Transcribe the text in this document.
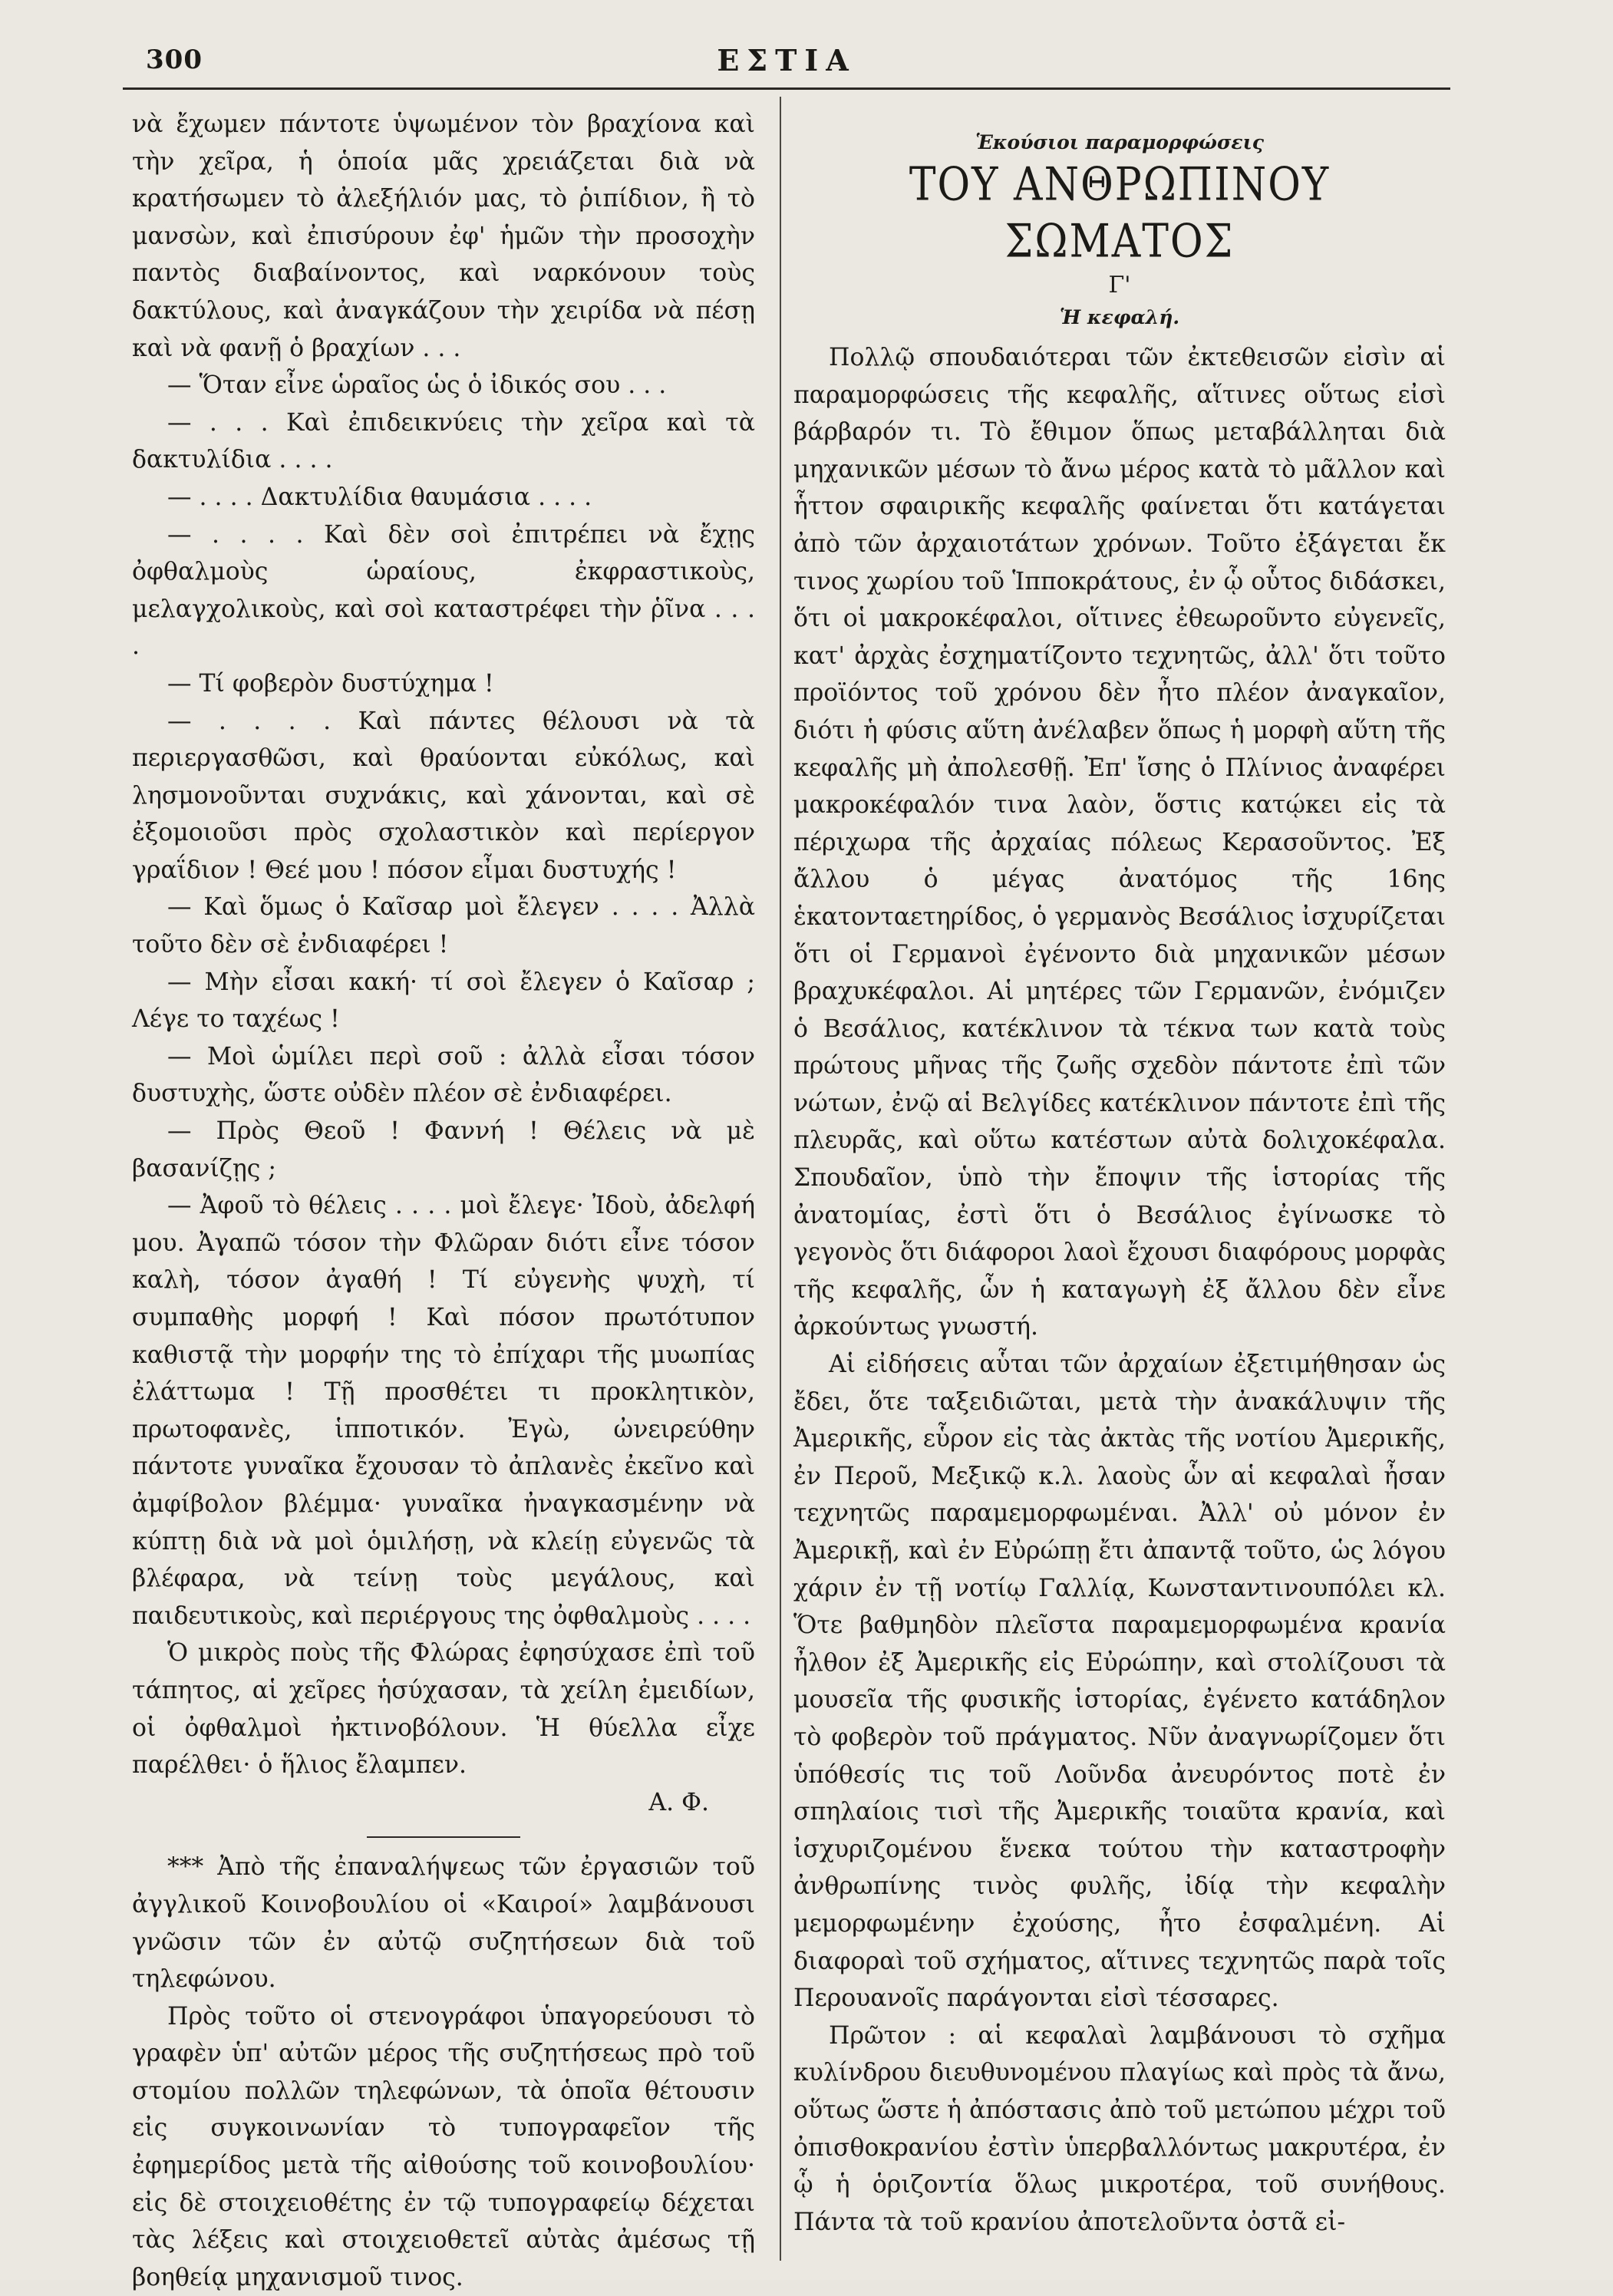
300	ΕΣΤΙΑ

νὰ ἔχωμεν πάντοτε ὑψωμένον τὸν βραχίονα καὶ τὴν χεῖρα, ἡ ὁποία μᾶς χρειάζεται διὰ νὰ κρατήσωμεν τὸ ἀλεξήλιόν μας, τὸ ῥιπίδιον, ἢ τὸ μανσὼν, καὶ ἐπισύρουν ἐφ' ἡμῶν τὴν προσοχὴν παντὸς διαβαίνοντος, καὶ ναρκόνουν τοὺς δακτύλους, καὶ ἀναγκάζουν τὴν χειρίδα νὰ πέσῃ καὶ νὰ φανῇ ὁ βραχίων . . .

— Ὅταν εἶνε ὡραῖος ὡς ὁ ἰδικός σου . . .

— . . . Καὶ ἐπιδεικνύεις τὴν χεῖρα καὶ τὰ δακτυλίδια . . . .

— . . . . Δακτυλίδια θαυμάσια . . . .

— . . . . Καὶ δὲν σοὶ ἐπιτρέπει νὰ ἔχῃς ὀφθαλμοὺς ὡραίους, ἐκφραστικοὺς, μελαγχολικοὺς, καὶ σοὶ καταστρέφει τὴν ῥῖνα . . . .

— Τί φοβερὸν δυστύχημα !

— . . . . Καὶ πάντες θέλουσι νὰ τὰ περιεργασθῶσι, καὶ θραύονται εὐκόλως, καὶ λησμονοῦνται συχνάκις, καὶ χάνονται, καὶ σὲ ἐξομοιοῦσι πρὸς σχολαστικὸν καὶ περίεργον γραΐδιον ! Θεέ μου ! πόσον εἶμαι δυστυχής !

— Καὶ ὅμως ὁ Καῖσαρ μοὶ ἔλεγεν . . . . Ἀλλὰ τοῦτο δὲν σὲ ἐνδιαφέρει !

— Μὴν εἶσαι κακή· τί σοὶ ἔλεγεν ὁ Καῖσαρ ; Λέγε το ταχέως !

— Μοὶ ὡμίλει περὶ σοῦ : ἀλλὰ εἶσαι τόσον δυστυχὴς, ὥστε οὐδὲν πλέον σὲ ἐνδιαφέρει.

— Πρὸς Θεοῦ ! Φαννή ! Θέλεις νὰ μὲ βασανίζῃς ;

— Ἀφοῦ τὸ θέλεις . . . . μοὶ ἔλεγε· Ἰδοὺ, ἀδελφή μου. Ἀγαπῶ τόσον τὴν Φλῶραν διότι εἶνε τόσον καλὴ, τόσον ἀγαθή ! Τί εὐγενὴς ψυχὴ, τί συμπαθὴς μορφή ! Καὶ πόσον πρωτότυπον καθιστᾷ τὴν μορφήν της τὸ ἐπίχαρι τῆς μυωπίας ἐλάττωμα ! Τῇ προσθέτει τι προκλητικὸν, πρωτοφανὲς, ἱπποτικόν. Ἐγὼ, ὠνειρεύθην πάντοτε γυναῖκα ἔχουσαν τὸ ἀπλανὲς ἐκεῖνο καὶ ἀμφίβολον βλέμμα· γυναῖκα ἠναγκασμένην νὰ κύπτῃ διὰ νὰ μοὶ ὁμιλήσῃ, νὰ κλείῃ εὐγενῶς τὰ βλέφαρα, νὰ τείνῃ τοὺς μεγάλους, καὶ παιδευτικοὺς, καὶ περιέργους της ὀφθαλμοὺς . . . .

Ὁ μικρὸς ποὺς τῆς Φλώρας ἐφησύχασε ἐπὶ τοῦ τάπητος, αἱ χεῖρες ἡσύχασαν, τὰ χείλη ἐμειδίων, οἱ ὀφθαλμοὶ ἠκτινοβόλουν. Ἡ θύελλα εἶχε παρέλθει· ὁ ἥλιος ἔλαμπεν.

Α. Φ.

*** Ἀπὸ τῆς ἐπαναλήψεως τῶν ἐργασιῶν τοῦ ἀγγλικοῦ Κοινοβουλίου οἱ «Καιροί» λαμβάνουσι γνῶσιν τῶν ἐν αὐτῷ συζητήσεων διὰ τοῦ τηλεφώνου.

Πρὸς τοῦτο οἱ στενογράφοι ὑπαγορεύουσι τὸ γραφὲν ὑπ' αὐτῶν μέρος τῆς συζητήσεως πρὸ τοῦ στομίου πολλῶν τηλεφώνων, τὰ ὁποῖα θέτουσιν εἰς συγκοινωνίαν τὸ τυπογραφεῖον τῆς ἐφημερίδος μετὰ τῆς αἰθούσης τοῦ κοινοβουλίου· εἰς δὲ στοιχειοθέτης ἐν τῷ τυπογραφείῳ δέχεται τὰς λέξεις καὶ στοιχειοθετεῖ αὐτὰς ἀμέσως τῇ βοηθείᾳ μηχανισμοῦ τινος.

Ἑκούσιοι παραμορφώσεις
ΤΟΥ ΑΝΘΡΩΠΙΝΟΥ ΣΩΜΑΤΟΣ
Γ'
Ἡ κεφαλή.

Πολλῷ σπουδαιότεραι τῶν ἐκτεθεισῶν εἰσὶν αἱ παραμορφώσεις τῆς κεφαλῆς, αἵτινες οὕτως εἰσὶ βάρβαρόν τι. Τὸ ἔθιμον ὅπως μεταβάλληται διὰ μηχανικῶν μέσων τὸ ἄνω μέρος κατὰ τὸ μᾶλλον καὶ ἧττον σφαιρικῆς κεφαλῆς φαίνεται ὅτι κατάγεται ἀπὸ τῶν ἀρχαιοτάτων χρόνων. Τοῦτο ἐξάγεται ἔκ τινος χωρίου τοῦ Ἱπποκράτους, ἐν ᾧ οὗτος διδάσκει, ὅτι οἱ μακροκέφαλοι, οἵτινες ἐθεωροῦντο εὐγενεῖς, κατ' ἀρχὰς ἐσχηματίζοντο τεχνητῶς, ἀλλ' ὅτι τοῦτο προϊόντος τοῦ χρόνου δὲν ἦτο πλέον ἀναγκαῖον, διότι ἡ φύσις αὕτη ἀνέλαβεν ὅπως ἡ μορφὴ αὕτη τῆς κεφαλῆς μὴ ἀπολεσθῇ. Ἐπ' ἴσης ὁ Πλίνιος ἀναφέρει μακροκέφαλόν τινα λαὸν, ὅστις κατῴκει εἰς τὰ πέριχωρα τῆς ἀρχαίας πόλεως Κερασοῦντος. Ἐξ ἄλλου ὁ μέγας ἀνατόμος τῆς 16ης ἑκατονταετηρίδος, ὁ γερμανὸς Βεσάλιος ἰσχυρίζεται ὅτι οἱ Γερμανοὶ ἐγένοντο διὰ μηχανικῶν μέσων βραχυκέφαλοι. Αἱ μητέρες τῶν Γερμανῶν, ἐνόμιζεν ὁ Βεσάλιος, κατέκλινον τὰ τέκνα των κατὰ τοὺς πρώτους μῆνας τῆς ζωῆς σχεδὸν πάντοτε ἐπὶ τῶν νώτων, ἐνῷ αἱ Βελγίδες κατέκλινον πάντοτε ἐπὶ τῆς πλευρᾶς, καὶ οὕτω κατέστων αὐτὰ δολιχοκέφαλα. Σπουδαῖον, ὑπὸ τὴν ἔποψιν τῆς ἱστορίας τῆς ἀνατομίας, ἐστὶ ὅτι ὁ Βεσάλιος ἐγίνωσκε τὸ γεγονὸς ὅτι διάφοροι λαοὶ ἔχουσι διαφόρους μορφὰς τῆς κεφαλῆς, ὧν ἡ καταγωγὴ ἐξ ἄλλου δὲν εἶνε ἀρκούντως γνωστή.

Αἱ εἰδήσεις αὗται τῶν ἀρχαίων ἐξετιμήθησαν ὡς ἔδει, ὅτε ταξειδιῶται, μετὰ τὴν ἀνακάλυψιν τῆς Ἀμερικῆς, εὗρον εἰς τὰς ἀκτὰς τῆς νοτίου Ἀμερικῆς, ἐν Περοῦ, Μεξικῷ κ.λ. λαοὺς ὧν αἱ κεφαλαὶ ἦσαν τεχνητῶς παραμεμορφωμέναι. Ἀλλ' οὐ μόνον ἐν Ἀμερικῇ, καὶ ἐν Εὐρώπῃ ἔτι ἀπαντᾷ τοῦτο, ὡς λόγου χάριν ἐν τῇ νοτίῳ Γαλλίᾳ, Κωνσταντινουπόλει κλ. Ὅτε βαθμηδὸν πλεῖστα παραμεμορφωμένα κρανία ἦλθον ἐξ Ἀμερικῆς εἰς Εὐρώπην, καὶ στολίζουσι τὰ μουσεῖα τῆς φυσικῆς ἱστορίας, ἐγένετο κατάδηλον τὸ φοβερὸν τοῦ πράγματος. Νῦν ἀναγνωρίζομεν ὅτι ὑπόθεσίς τις τοῦ Λοῦνδα ἀνευρόντος ποτὲ ἐν σπηλαίοις τισὶ τῆς Ἀμερικῆς τοιαῦτα κρανία, καὶ ἰσχυριζομένου ἕνεκα τούτου τὴν καταστροφὴν ἀνθρωπίνης τινὸς φυλῆς, ἰδίᾳ τὴν κεφαλὴν μεμορφωμένην ἐχούσης, ἦτο ἐσφαλμένη. Αἱ διαφοραὶ τοῦ σχήματος, αἵτινες τεχνητῶς παρὰ τοῖς Περουανοῖς παράγονται εἰσὶ τέσσαρες.

Πρῶτον : αἱ κεφαλαὶ λαμβάνουσι τὸ σχῆμα κυλίνδρου διευθυνομένου πλαγίως καὶ πρὸς τὰ ἄνω, οὕτως ὥστε ἡ ἀπόστασις ἀπὸ τοῦ μετώπου μέχρι τοῦ ὀπισθοκρανίου ἐστὶν ὑπερβαλλόντως μακρυτέρα, ἐν ᾧ ἡ ὁριζοντία ὅλως μικροτέρα, τοῦ συνήθους. Πάντα τὰ τοῦ κρανίου ἀποτελοῦντα ὀστᾶ εἰ-
